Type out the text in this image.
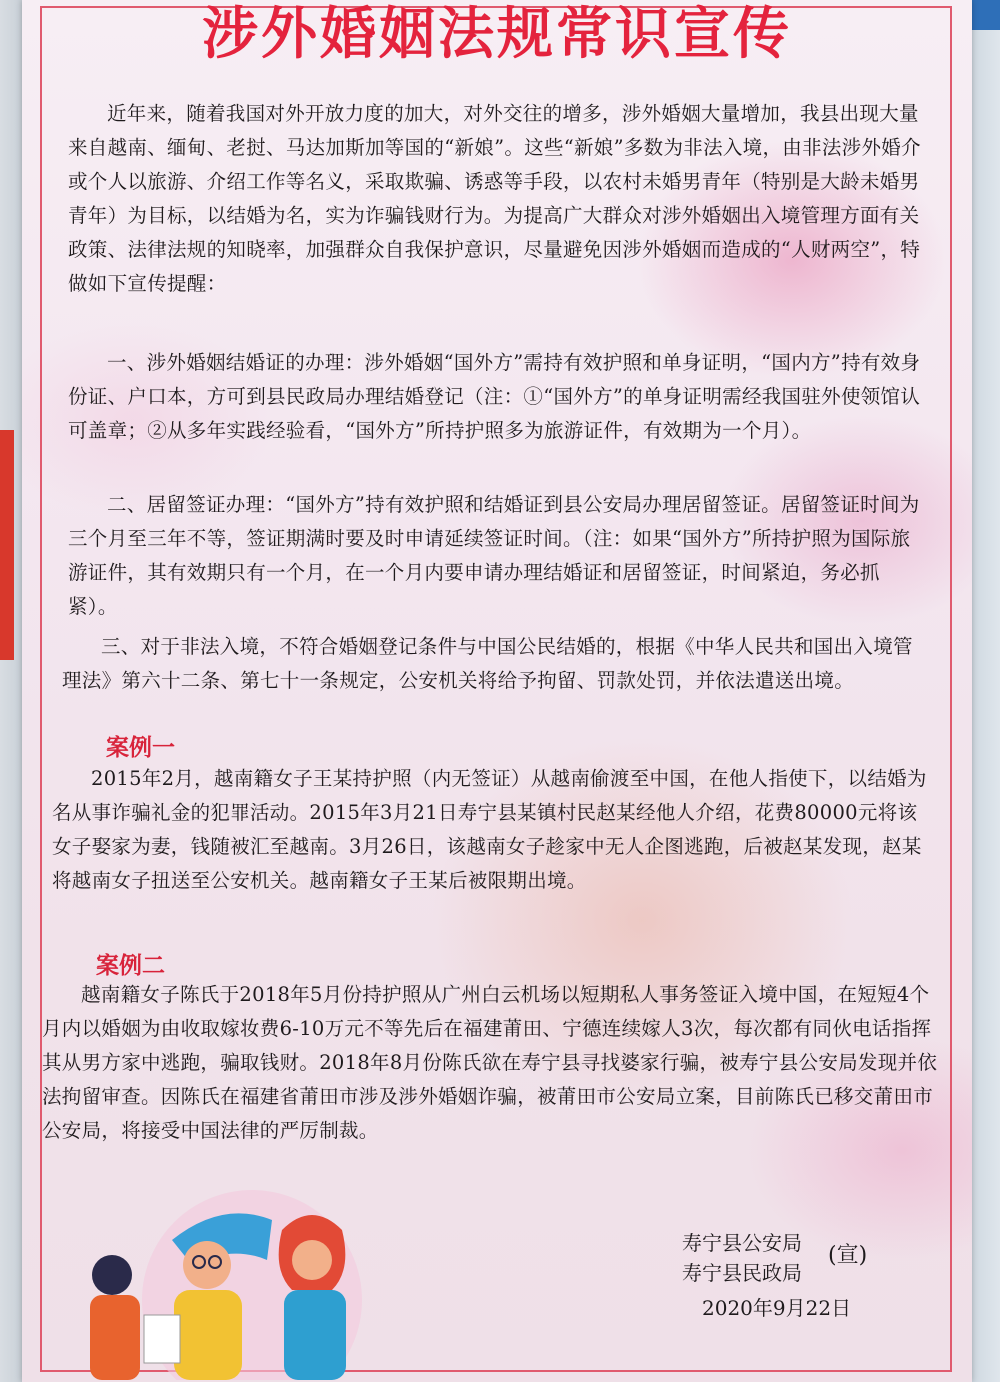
涉外婚姻法规常识宣传
近年来，随着我国对外开放力度的加大，对外交往的增多，涉外婚姻大量增加，我县出现大量来自越南、缅甸、老挝、马达加斯加等国的“新娘”。这些“新娘”多数为非法入境，由非法涉外婚介或个人以旅游、介绍工作等名义，采取欺骗、诱惑等手段，以农村未婚男青年（特别是大龄未婚男青年）为目标，以结婚为名，实为诈骗钱财行为。为提高广大群众对涉外婚姻出入境管理方面有关政策、法律法规的知晓率，加强群众自我保护意识，尽量避免因涉外婚姻而造成的“人财两空”，特做如下宣传提醒：
一、涉外婚姻结婚证的办理：涉外婚姻“国外方”需持有效护照和单身证明，“国内方”持有效身份证、户口本，方可到县民政局办理结婚登记（注：①“国外方”的单身证明需经我国驻外使领馆认可盖章；②从多年实践经验看，“国外方”所持护照多为旅游证件，有效期为一个月）。
二、居留签证办理：“国外方”持有效护照和结婚证到县公安局办理居留签证。居留签证时间为三个月至三年不等，签证期满时要及时申请延续签证时间。（注：如果“国外方”所持护照为国际旅游证件，其有效期只有一个月，在一个月内要申请办理结婚证和居留签证，时间紧迫，务必抓紧）。
三、对于非法入境，不符合婚姻登记条件与中国公民结婚的，根据《中华人民共和国出入境管理法》第六十二条、第七十一条规定，公安机关将给予拘留、罚款处罚，并依法遣送出境。
案例一
2015年2月，越南籍女子王某持护照（内无签证）从越南偷渡至中国，在他人指使下，以结婚为名从事诈骗礼金的犯罪活动。2015年3月21日寿宁县某镇村民赵某经他人介绍，花费80000元将该女子娶家为妻，钱随被汇至越南。3月26日，该越南女子趁家中无人企图逃跑，后被赵某发现，赵某将越南女子扭送至公安机关。越南籍女子王某后被限期出境。
案例二
越南籍女子陈氏于2018年5月份持护照从广州白云机场以短期私人事务签证入境中国，在短短4个月内以婚姻为由收取嫁妆费6-10万元不等先后在福建莆田、宁德连续嫁人3次，每次都有同伙电话指挥其从男方家中逃跑，骗取钱财。2018年8月份陈氏欲在寿宁县寻找婆家行骗，被寿宁县公安局发现并依法拘留审查。因陈氏在福建省莆田市涉及涉外婚姻诈骗，被莆田市公安局立案，目前陈氏已移交莆田市公安局，将接受中国法律的严厉制裁。
寿宁县公安局
寿宁县民政局
(宣)
2020年9月22日
